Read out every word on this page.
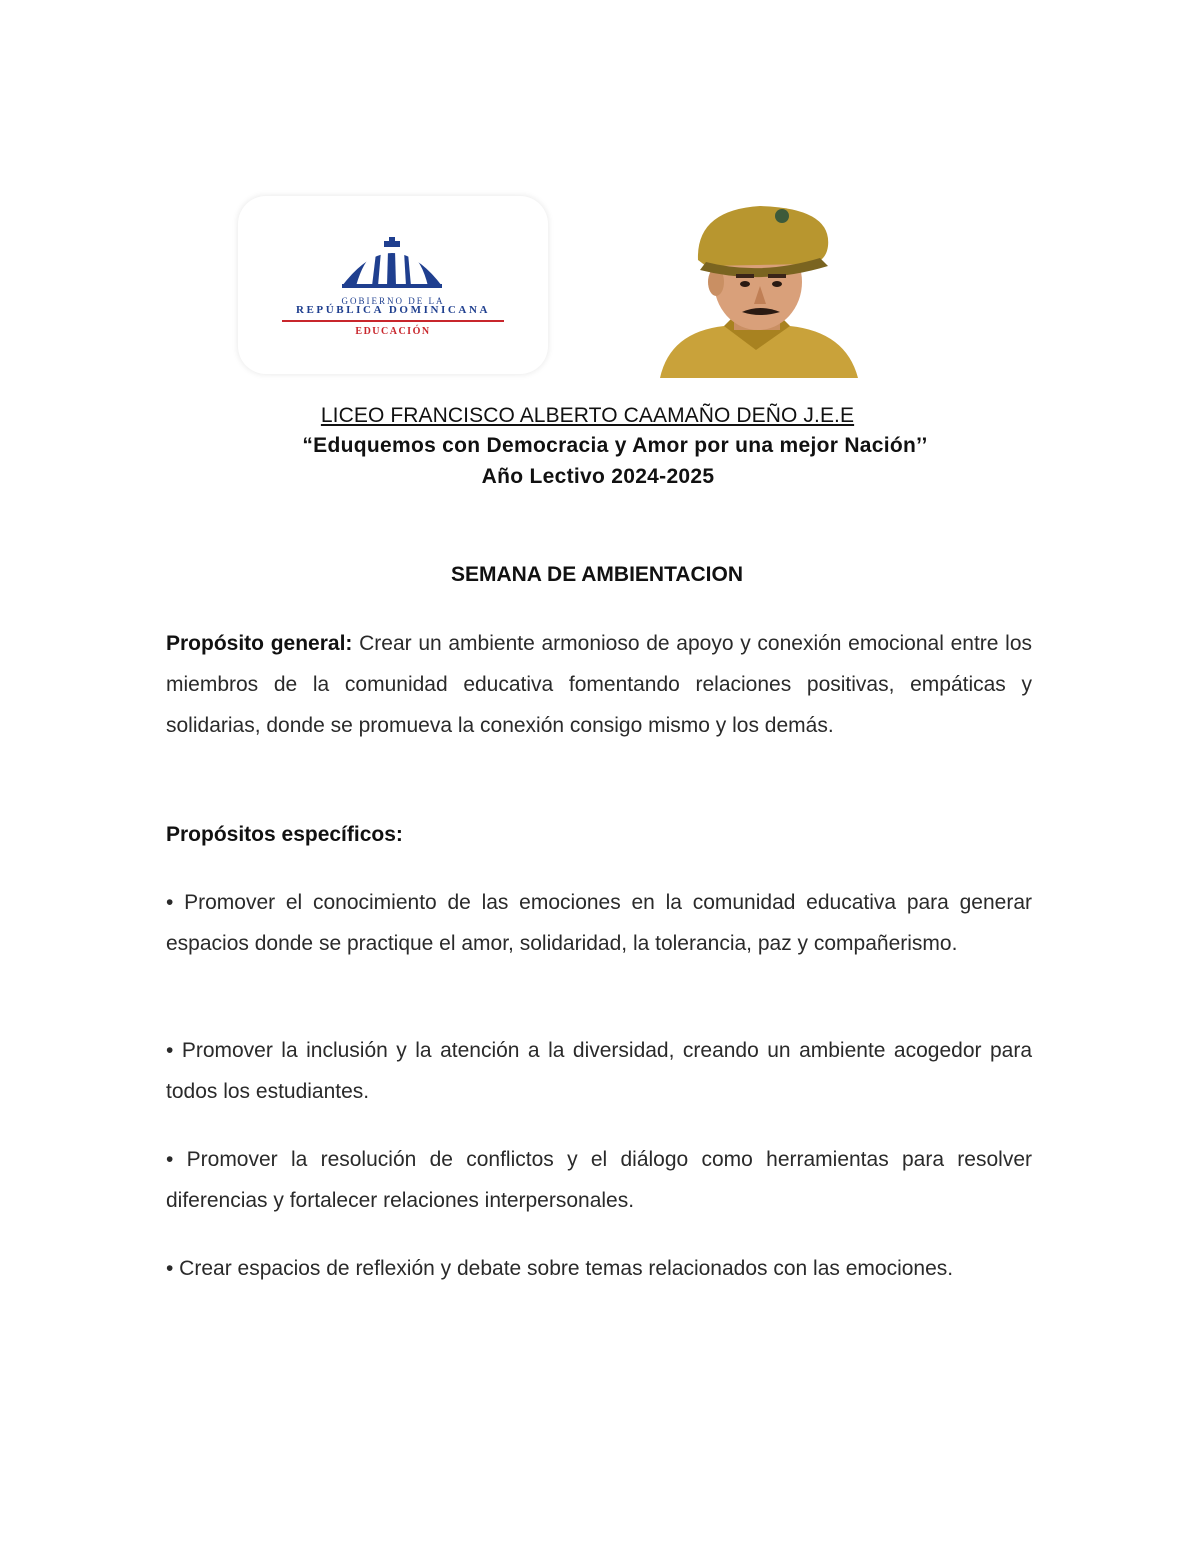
GOBIERNO DE LA
REPÚBLICA DOMINICANA
EDUCACIÓN
LICEO FRANCISCO ALBERTO CAAMAÑO DEÑO J.E.E
“Eduquemos con Democracia y Amor por una mejor Nación’’
Año Lectivo 2024-2025
SEMANA DE AMBIENTACION

Propósito general: Crear un ambiente armonioso de apoyo y conexión emocional entre los miembros de la comunidad educativa fomentando relaciones positivas, empáticas y solidarias, donde se promueva la conexión consigo mismo y los demás.

Propósitos específicos:

• Promover el conocimiento de las emociones en la comunidad educativa para generar espacios donde se practique el amor, solidaridad, la tolerancia, paz y compañerismo.

• Promover la inclusión y la atención a la diversidad, creando un ambiente acogedor para todos los estudiantes.

• Promover la resolución de conflictos y el diálogo como herramientas para resolver diferencias y fortalecer relaciones interpersonales.

• Crear espacios de reflexión y debate sobre temas relacionados con las emociones.
